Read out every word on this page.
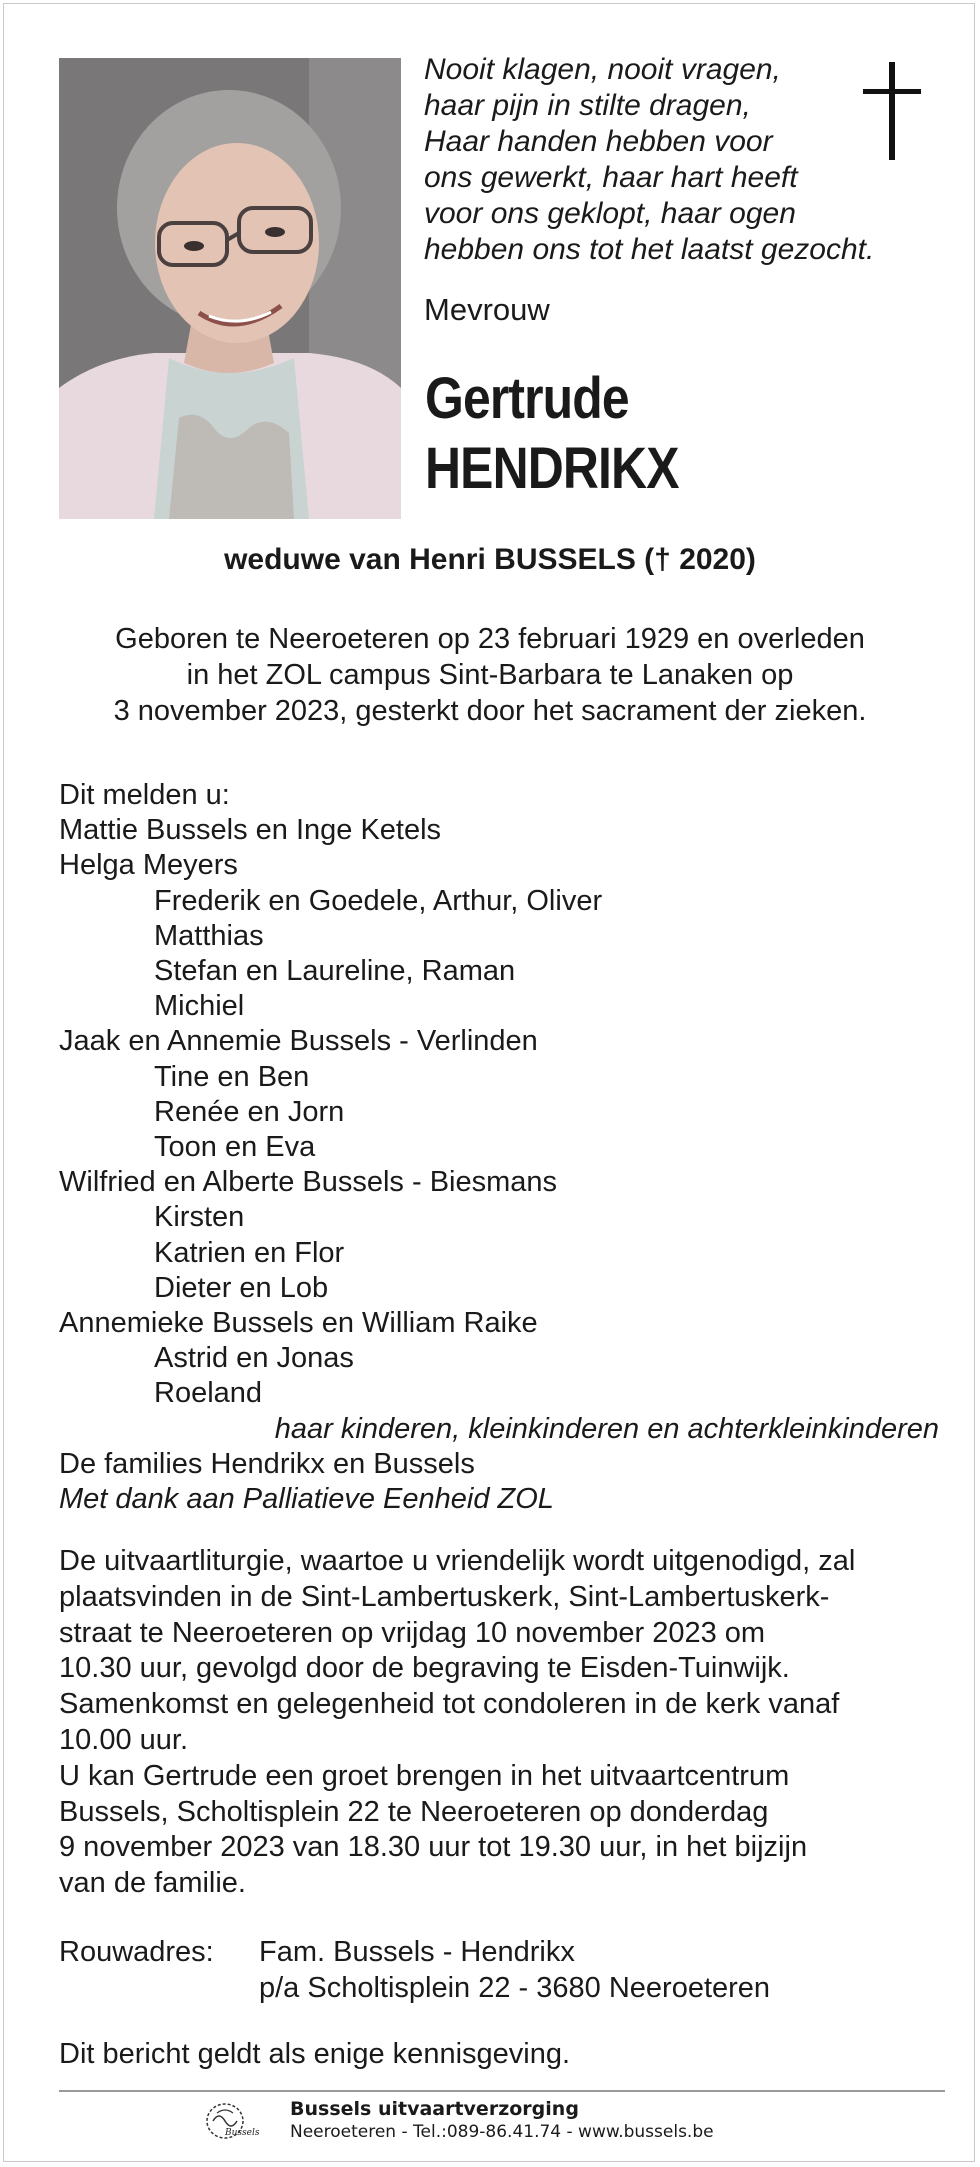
Nooit klagen, nooit vragen,
haar pijn in stilte dragen,
Haar handen hebben voor
ons gewerkt, haar hart heeft
voor ons geklopt, haar ogen
hebben ons tot het laatst gezocht.
Mevrouw
Gertrude
HENDRIKX
weduwe van Henri BUSSELS († 2020)
Geboren te Neeroeteren op 23 februari 1929 en overleden
in het ZOL campus Sint-Barbara te Lanaken op
3 november 2023, gesterkt door het sacrament der zieken.
Dit melden u:
Mattie Bussels en Inge Ketels
Helga Meyers
Frederik en Goedele, Arthur, Oliver
Matthias
Stefan en Laureline, Raman
Michiel
Jaak en Annemie Bussels - Verlinden
Tine en Ben
Renée en Jorn
Toon en Eva
Wilfried en Alberte Bussels - Biesmans
Kirsten
Katrien en Flor
Dieter en Lob
Annemieke Bussels en William Raike
Astrid en Jonas
Roeland
haar kinderen, kleinkinderen en achterkleinkinderen
De families Hendrikx en Bussels
Met dank aan Palliatieve Eenheid ZOL
De uitvaartliturgie, waartoe u vriendelijk wordt uitgenodigd, zal
plaatsvinden in de Sint-Lambertuskerk, Sint-Lambertuskerk-
straat te Neeroeteren op vrijdag 10 november 2023 om
10.30 uur, gevolgd door de begraving te Eisden-Tuinwijk.
Samenkomst en gelegenheid tot condoleren in de kerk vanaf
10.00 uur.
U kan Gertrude een groet brengen in het uitvaartcentrum
Bussels, Scholtisplein 22 te Neeroeteren op donderdag
9 november 2023 van 18.30 uur tot 19.30 uur, in het bijzijn
van de familie.
Rouwadres: Fam. Bussels - Hendrikx
p/a Scholtisplein 22 - 3680 Neeroeteren
Dit bericht geldt als enige kennisgeving.
Bussels
Bussels uitvaartverzorging
Neeroeteren - Tel.:089-86.41.74 - www.bussels.be
